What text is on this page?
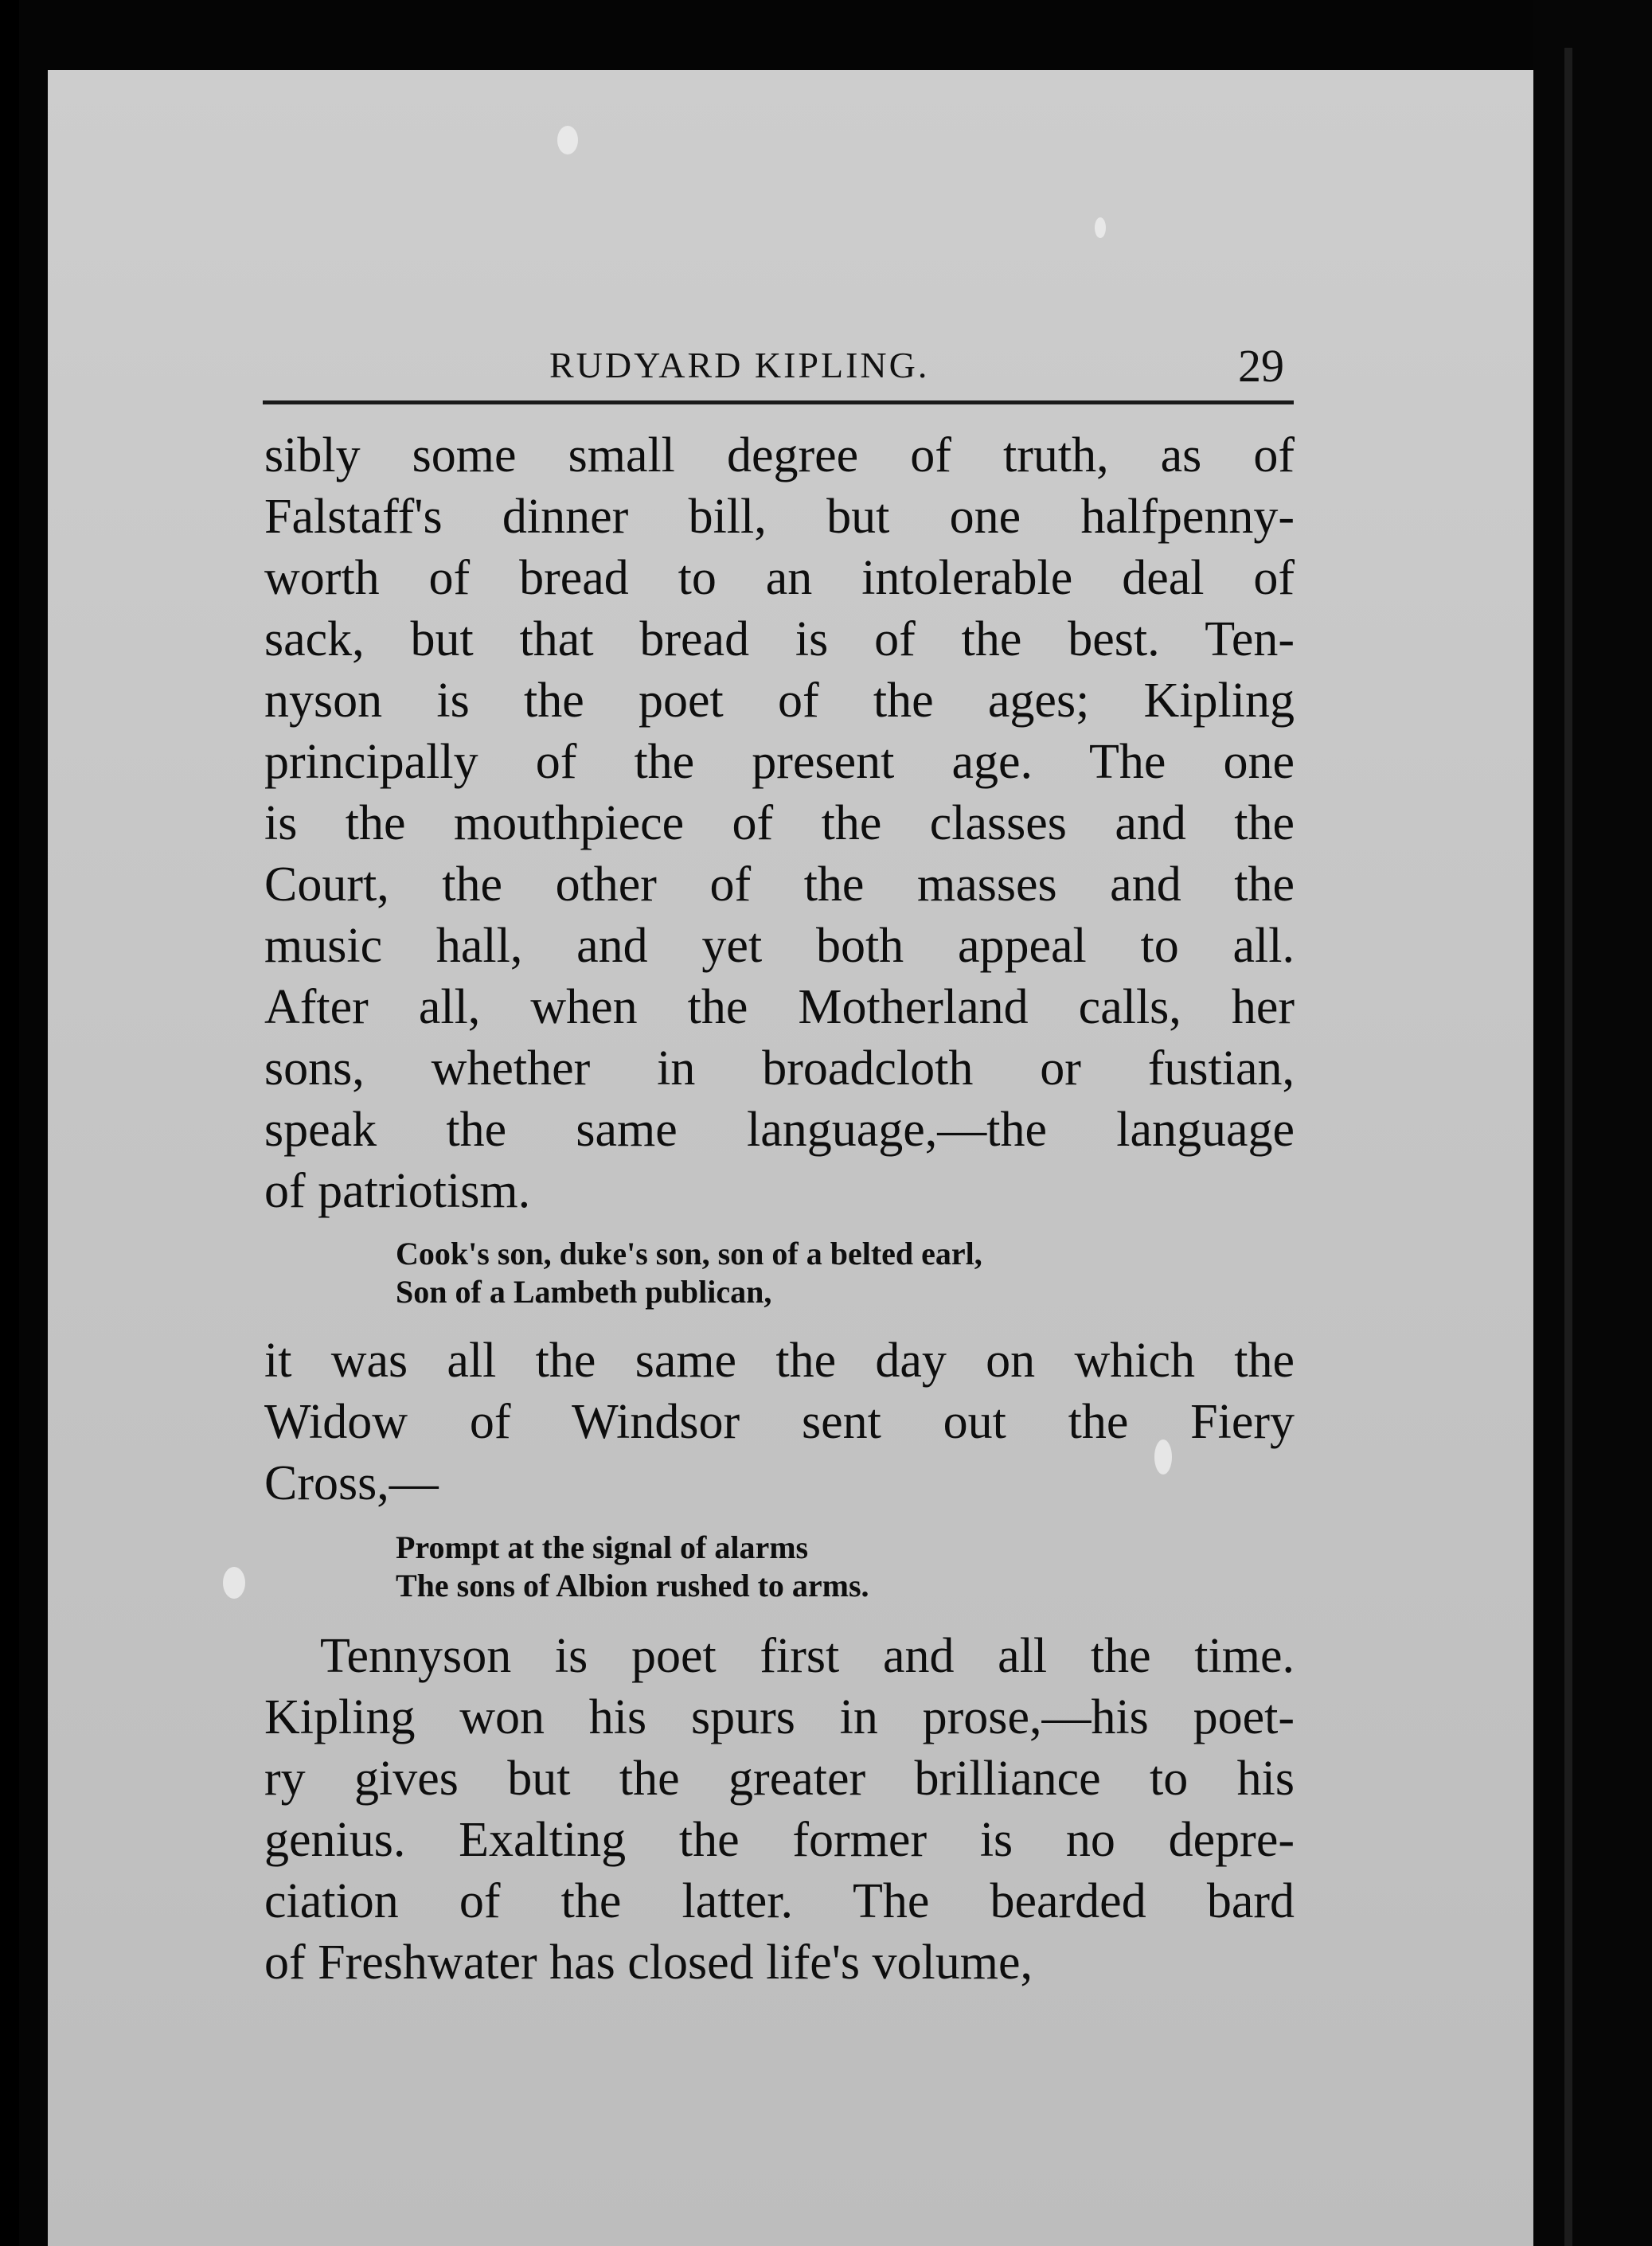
RUDYARD KIPLING.	29

sibly some small degree of truth, as of
Falstaff's dinner bill, but one halfpenny-
worth of bread to an intolerable deal of
sack, but that bread is of the best. Ten-
nyson is the poet of the ages; Kipling
principally of the present age. The one
is the mouthpiece of the classes and the
Court, the other of the masses and the
music hall, and yet both appeal to all.
After all, when the Motherland calls, her
sons, whether in broadcloth or fustian,
speak the same language,—the language
of patriotism.

Cook's son, duke's son, son of a belted earl,
Son of a Lambeth publican,

it was all the same the day on which the
Widow of Windsor sent out the Fiery
Cross,—

Prompt at the signal of alarms
The sons of Albion rushed to arms.

Tennyson is poet first and all the time.
Kipling won his spurs in prose,—his poet-
ry gives but the greater brilliance to his
genius. Exalting the former is no depre-
ciation of the latter. The bearded bard
of Freshwater has closed life's volume,
